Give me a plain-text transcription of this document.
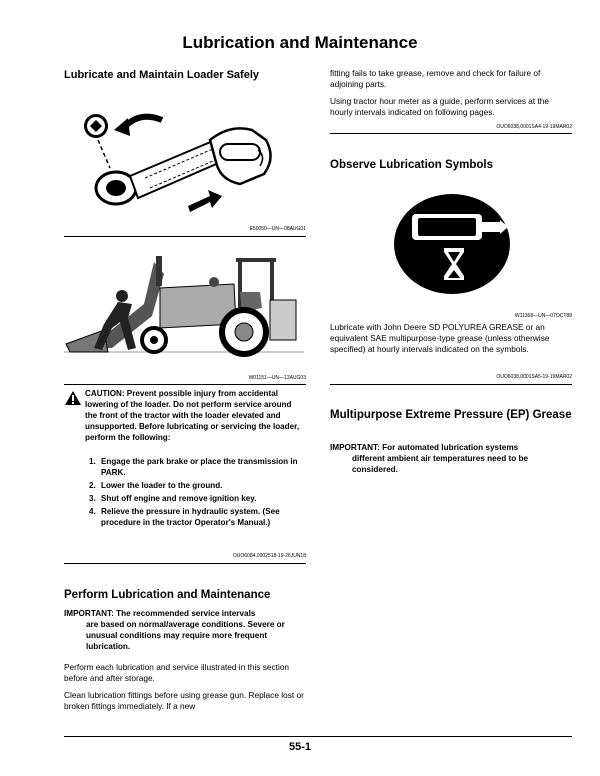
Lubrication and Maintenance
Lubricate and Maintain Loader Safely
E50050—UN—08AUG01
W01151—UN—12AUG03
CAUTION: Prevent possible injury from accidental lowering of the loader. Do not perform service around the front of the tractor with the loader elevated and unsupported. Before lubricating or servicing the loader, perform the following:
1. Engage the park brake or place the transmission in PARK.
2. Lower the loader to the ground.
3. Shut off engine and remove ignition key.
4. Relieve the pressure in hydraulic system. (See procedure in the tractor Operator's Manual.)
OUO6084,0002518-19-26JUN18
Perform Lubrication and Maintenance
IMPORTANT: The recommended service intervals
are based on normal/average conditions. Severe or unusual conditions may require more frequent lubrication.

Perform each lubrication and service illustrated in this section before and after storage.

Clean lubrication fittings before using grease gun. Replace lost or broken fittings immediately. If a new

fitting fails to take grease, remove and check for failure of adjoining parts.

Using tractor hour meter as a guide, perform services at the hourly intervals indicated on following pages.

OUO6038,0001SA4-19-19MAR02
Observe Lubrication Symbols
W11368—UN—07OCT88

Lubricate with John Deere SD POLYUREA GREASE or an equivalent SAE multipurpose-type grease (unless otherwise specified) at hourly intervals indicated on the symbols.

OUO6038,0001SA5-19-19MAR02
Multipurpose Extreme Pressure (EP) Grease
IMPORTANT: For automated lubrication systems
different ambient air temperatures need to be considered.
55-1
